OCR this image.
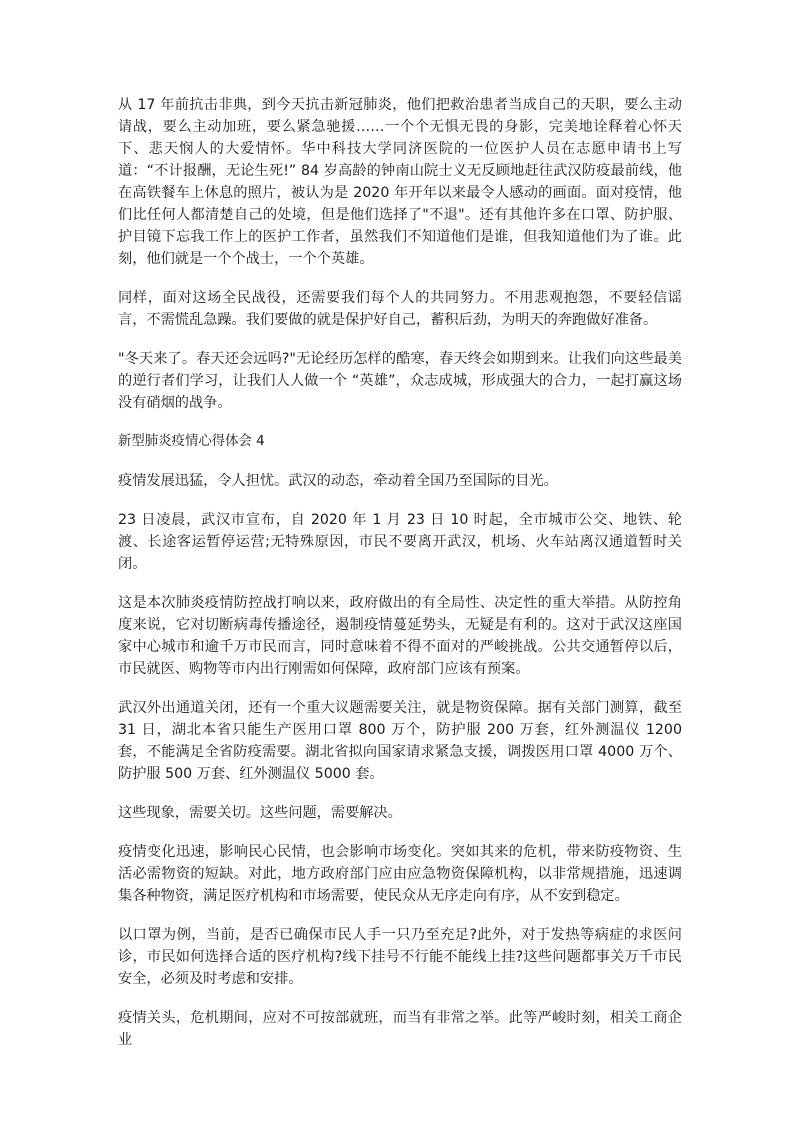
从 17 年前抗击非典，到今天抗击新冠肺炎，他们把救治患者当成自己的天职，要么主动请战，要么主动加班，要么紧急驰援……一个个无惧无畏的身影，完美地诠释着心怀天下、悲天悯人的大爱情怀。华中科技大学同济医院的一位医护人员在志愿申请书上写道：“不计报酬，无论生死!” 84 岁高龄的钟南山院士义无反顾地赶往武汉防疫最前线，他在高铁餐车上休息的照片，被认为是 2020 年开年以来最令人感动的画面。面对疫情，他们比任何人都清楚自己的处境，但是他们选择了"不退"。还有其他许多在口罩、防护服、护目镜下忘我工作上的医护工作者，虽然我们不知道他们是谁，但我知道他们为了谁。此刻，他们就是一个个战士，一个个英雄。

同样，面对这场全民战役，还需要我们每个人的共同努力。不用悲观抱怨，不要轻信谣言，不需慌乱急躁。我们要做的就是保护好自己，蓄积后劲，为明天的奔跑做好准备。

"冬天来了。春天还会远吗?"无论经历怎样的酷寒，春天终会如期到来。让我们向这些最美的逆行者们学习，让我们人人做一个 “英雄”，众志成城，形成强大的合力，一起打赢这场没有硝烟的战争。

新型肺炎疫情心得体会 4

疫情发展迅猛，令人担忧。武汉的动态，牵动着全国乃至国际的目光。

23 日凌晨，武汉市宣布，自 2020 年 1 月 23 日 10 时起，全市城市公交、地铁、轮渡、长途客运暂停运营;无特殊原因，市民不要离开武汉，机场、火车站离汉通道暂时关闭。

这是本次肺炎疫情防控战打响以来，政府做出的有全局性、决定性的重大举措。从防控角度来说，它对切断病毒传播途径，遏制疫情蔓延势头，无疑是有利的。这对于武汉这座国家中心城市和逾千万市民而言，同时意味着不得不面对的严峻挑战。公共交通暂停以后，市民就医、购物等市内出行刚需如何保障，政府部门应该有预案。

武汉外出通道关闭，还有一个重大议题需要关注，就是物资保障。据有关部门测算，截至 31 日，湖北本省只能生产医用口罩 800 万个，防护服 200 万套，红外测温仪 1200 套，不能满足全省防疫需要。湖北省拟向国家请求紧急支援，调拨医用口罩 4000 万个、防护服 500 万套、红外测温仪 5000 套。

这些现象，需要关切。这些问题，需要解决。

疫情变化迅速，影响民心民情，也会影响市场变化。突如其来的危机，带来防疫物资、生活必需物资的短缺。对此，地方政府部门应由应急物资保障机构，以非常规措施，迅速调集各种物资，满足医疗机构和市场需要，使民众从无序走向有序，从不安到稳定。

以口罩为例，当前，是否已确保市民人手一只乃至充足?此外，对于发热等病症的求医问诊，市民如何选择合适的医疗机构?线下挂号不行能不能线上挂?这些问题都事关万千市民安全，必须及时考虑和安排。

疫情关头，危机期间，应对不可按部就班，而当有非常之举。此等严峻时刻，相关工商企业
